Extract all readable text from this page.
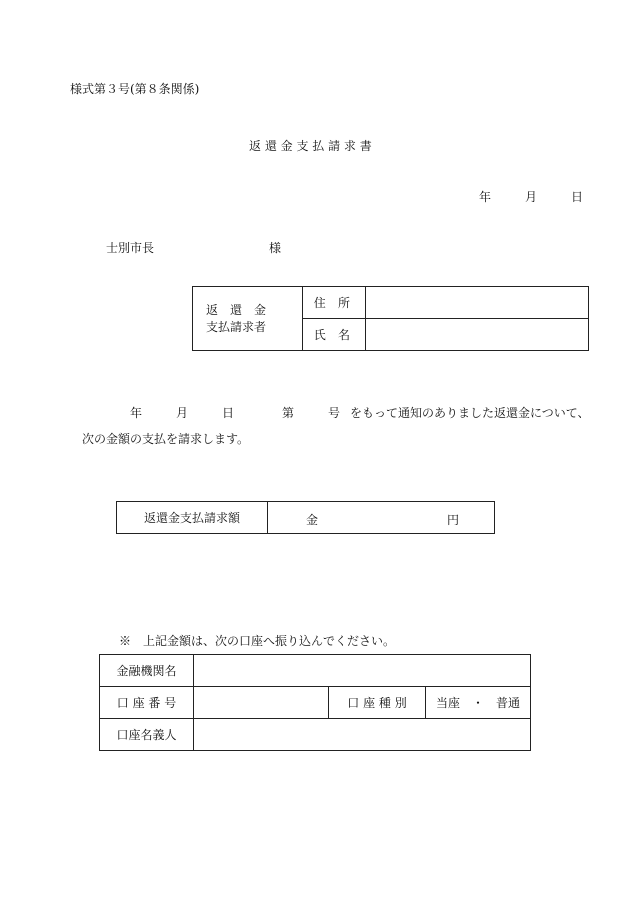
様式第３号(第８条関係)
返 還 金 支 払 請 求 書
年	月	日
士別市長	様
返　還　金
支払請求者	住 所	
	氏 名	
年	月	日	第	号 をもって通知のありました返還金について、
次の金額の支払を請求します。
返還金支払請求額	金	円
※　上記金額は、次の口座へ振り込んでください。
金融機関名			
口 座 番 号		口 座 種 別	当座　・　普通
口座名義人			
